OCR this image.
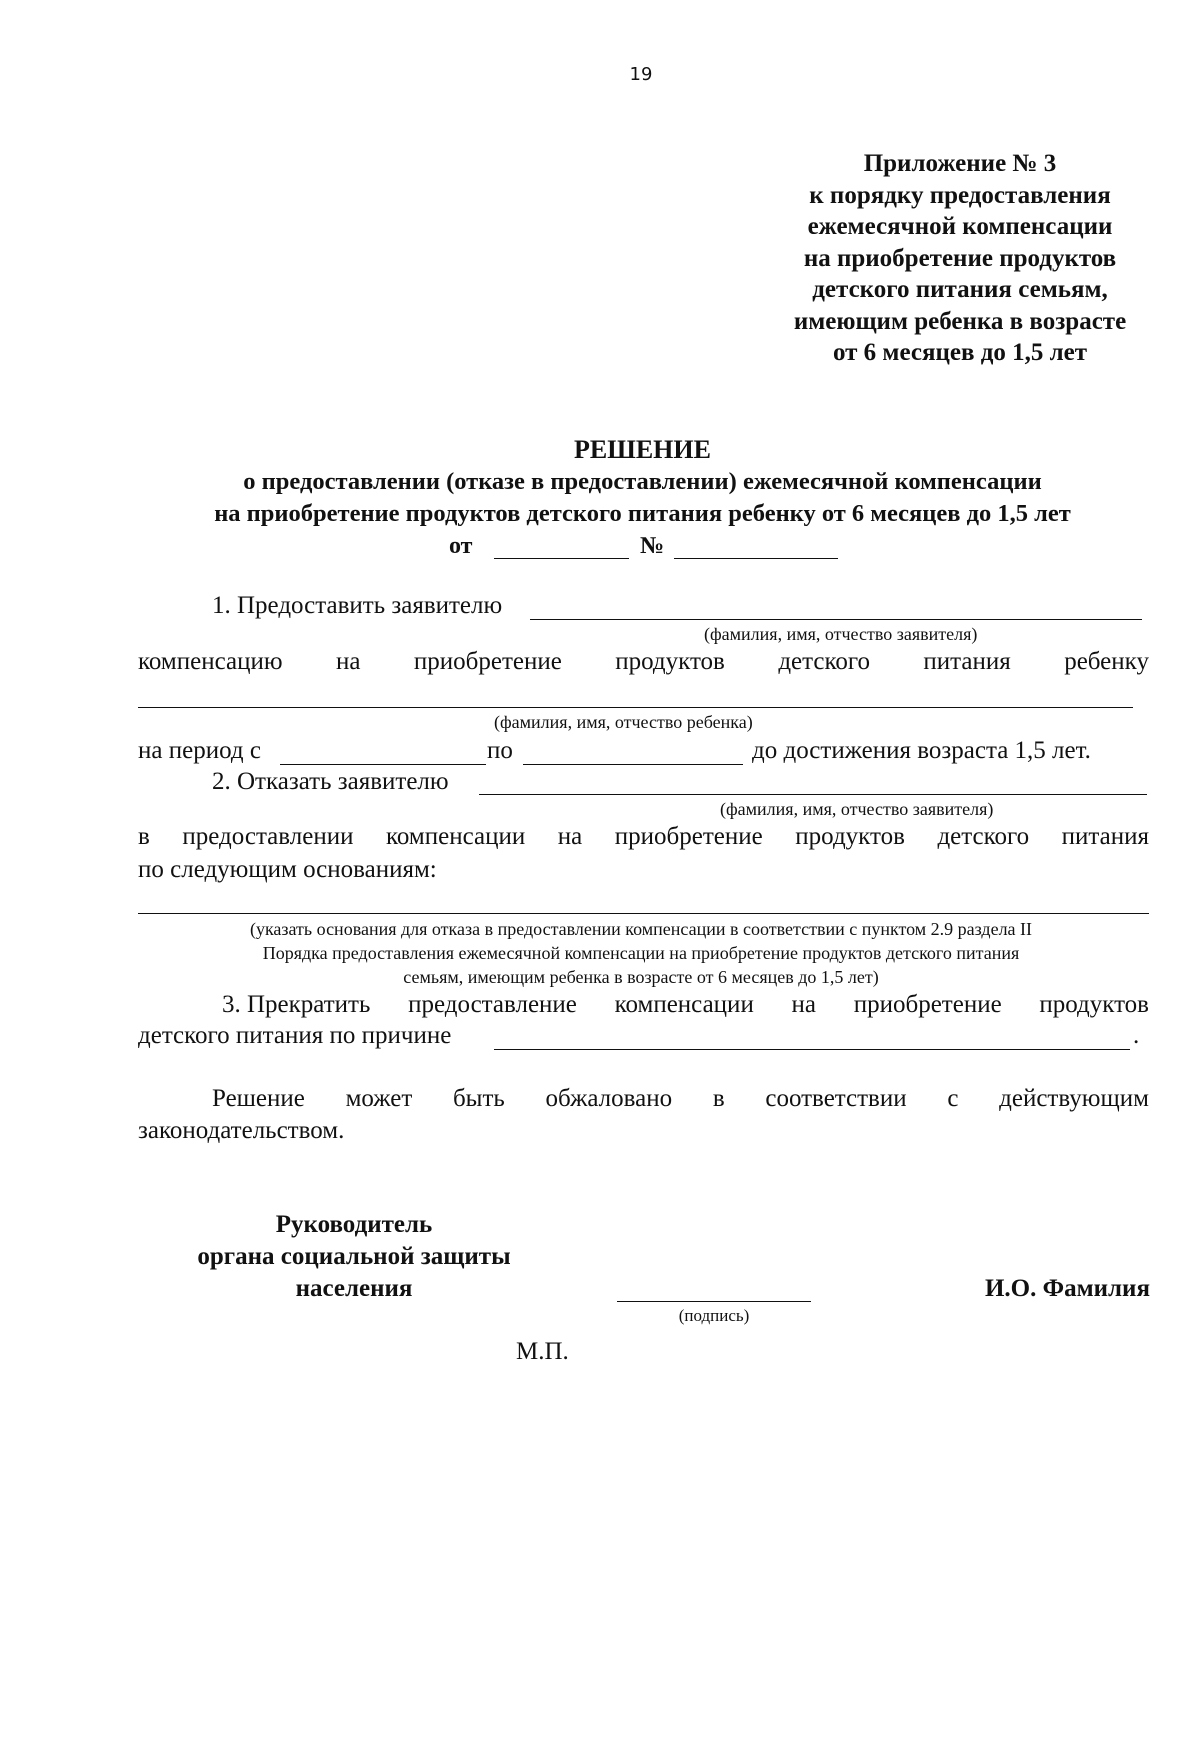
19
Приложение № 3
к порядку предоставления
ежемесячной компенсации
на приобретение продуктов
детского питания семьям,
имеющим ребенка в возрасте
от 6 месяцев до 1,5 лет
РЕШЕНИЕ
о предоставлении (отказе в предоставлении) ежемесячной компенсации
на приобретение продуктов детского питания ребенку от 6 месяцев до 1,5 лет
от	№
1. Предоставить заявителю
(фамилия, имя, отчество заявителя)
компенсацию на приобретение продуктов детского питания ребенку
(фамилия, имя, отчество ребенка)
на период с	по	до достижения возраста 1,5 лет.
2. Отказать заявителю
(фамилия, имя, отчество заявителя)
в предоставлении компенсации на приобретение продуктов детского питания
по следующим основаниям:
(указать основания для отказа в предоставлении компенсации в соответствии с пунктом 2.9 раздела II
Порядка предоставления ежемесячной компенсации на приобретение продуктов детского питания
семьям, имеющим ребенка в возрасте от 6 месяцев до 1,5 лет)
3. Прекратить предоставление компенсации на приобретение продуктов
детского питания по причине	.
Решение может быть обжаловано в соответствии с действующим
законодательством.
Руководитель
органа социальной защиты
населения
(подпись)
И.О. Фамилия
М.П.
